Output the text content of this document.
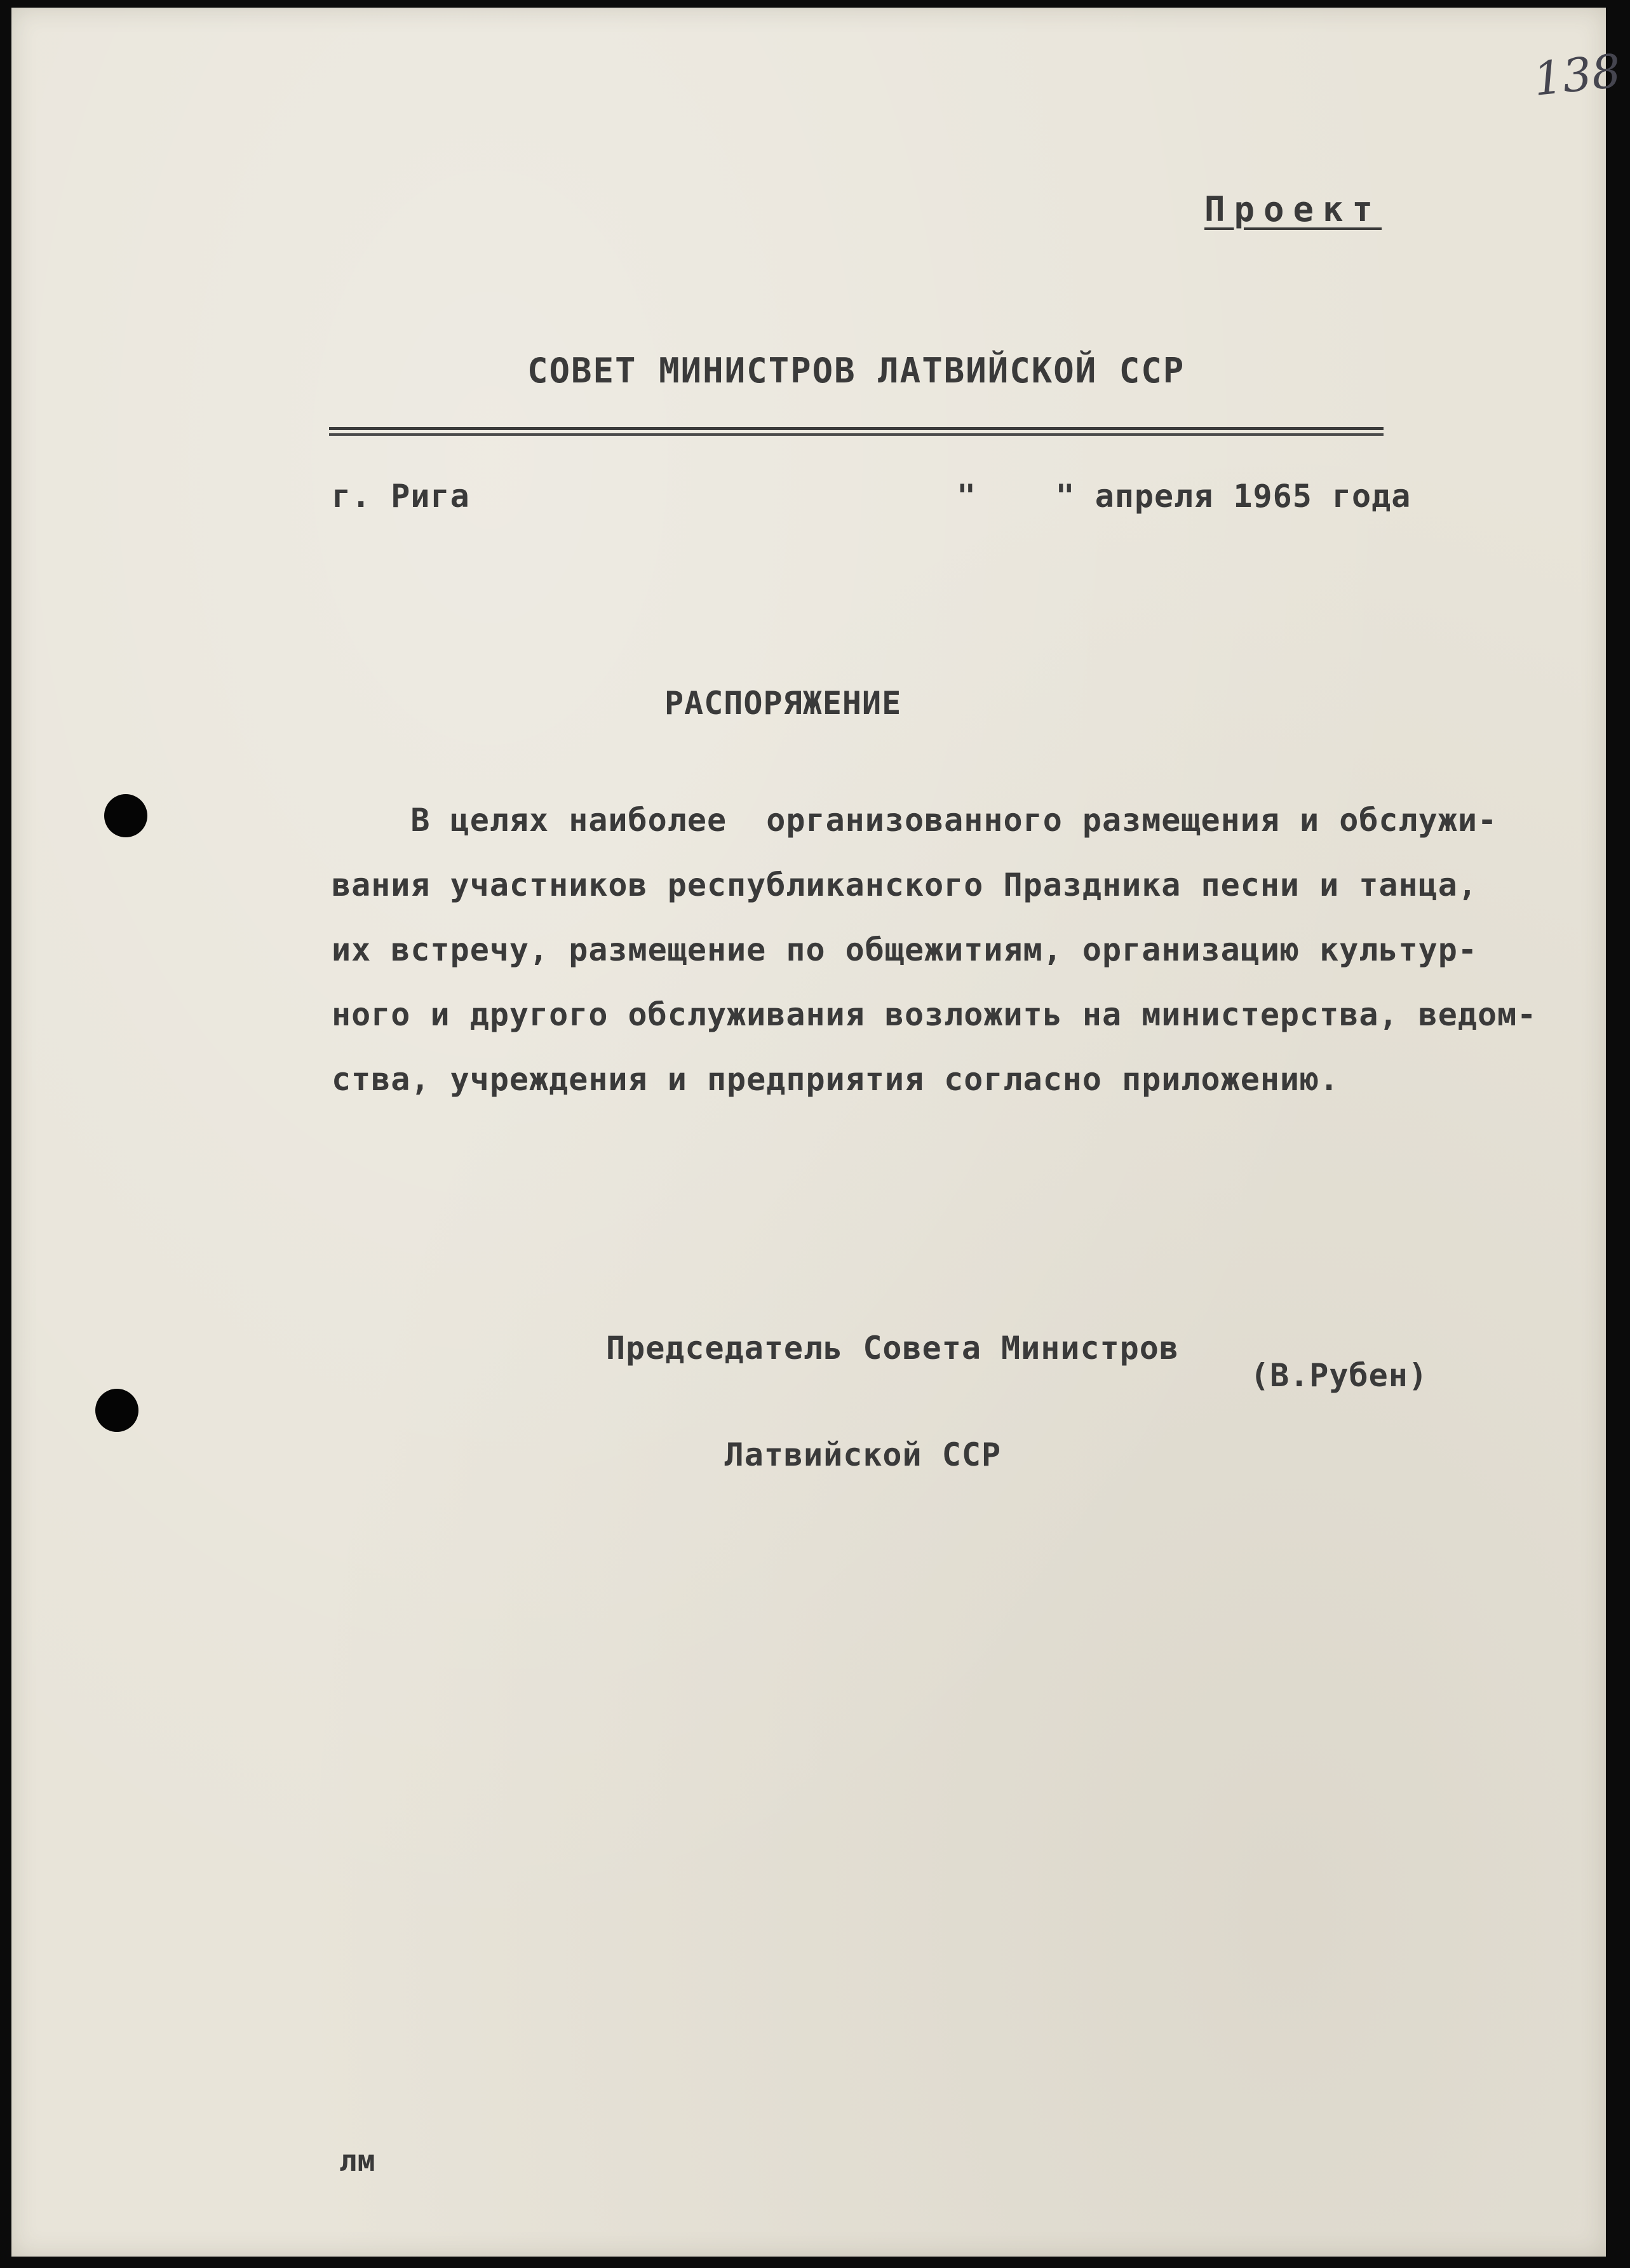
138
Проект
СОВЕТ МИНИСТРОВ ЛАТВИЙСКОЙ ССР
г. Рига	"    " апреля 1965 года
РАСПОРЯЖЕНИЕ
В целях наиболее  организованного размещения и обслужи-
вания участников республиканского Праздника песни и танца,
их встречу, размещение по общежитиям, организацию культур-
ного и другого обслуживания возложить на министерства, ведом-
ства, учреждения и предприятия согласно приложению.

Председатель Совета Министров

Латвийской ССР

(В.Рубен)
лм
